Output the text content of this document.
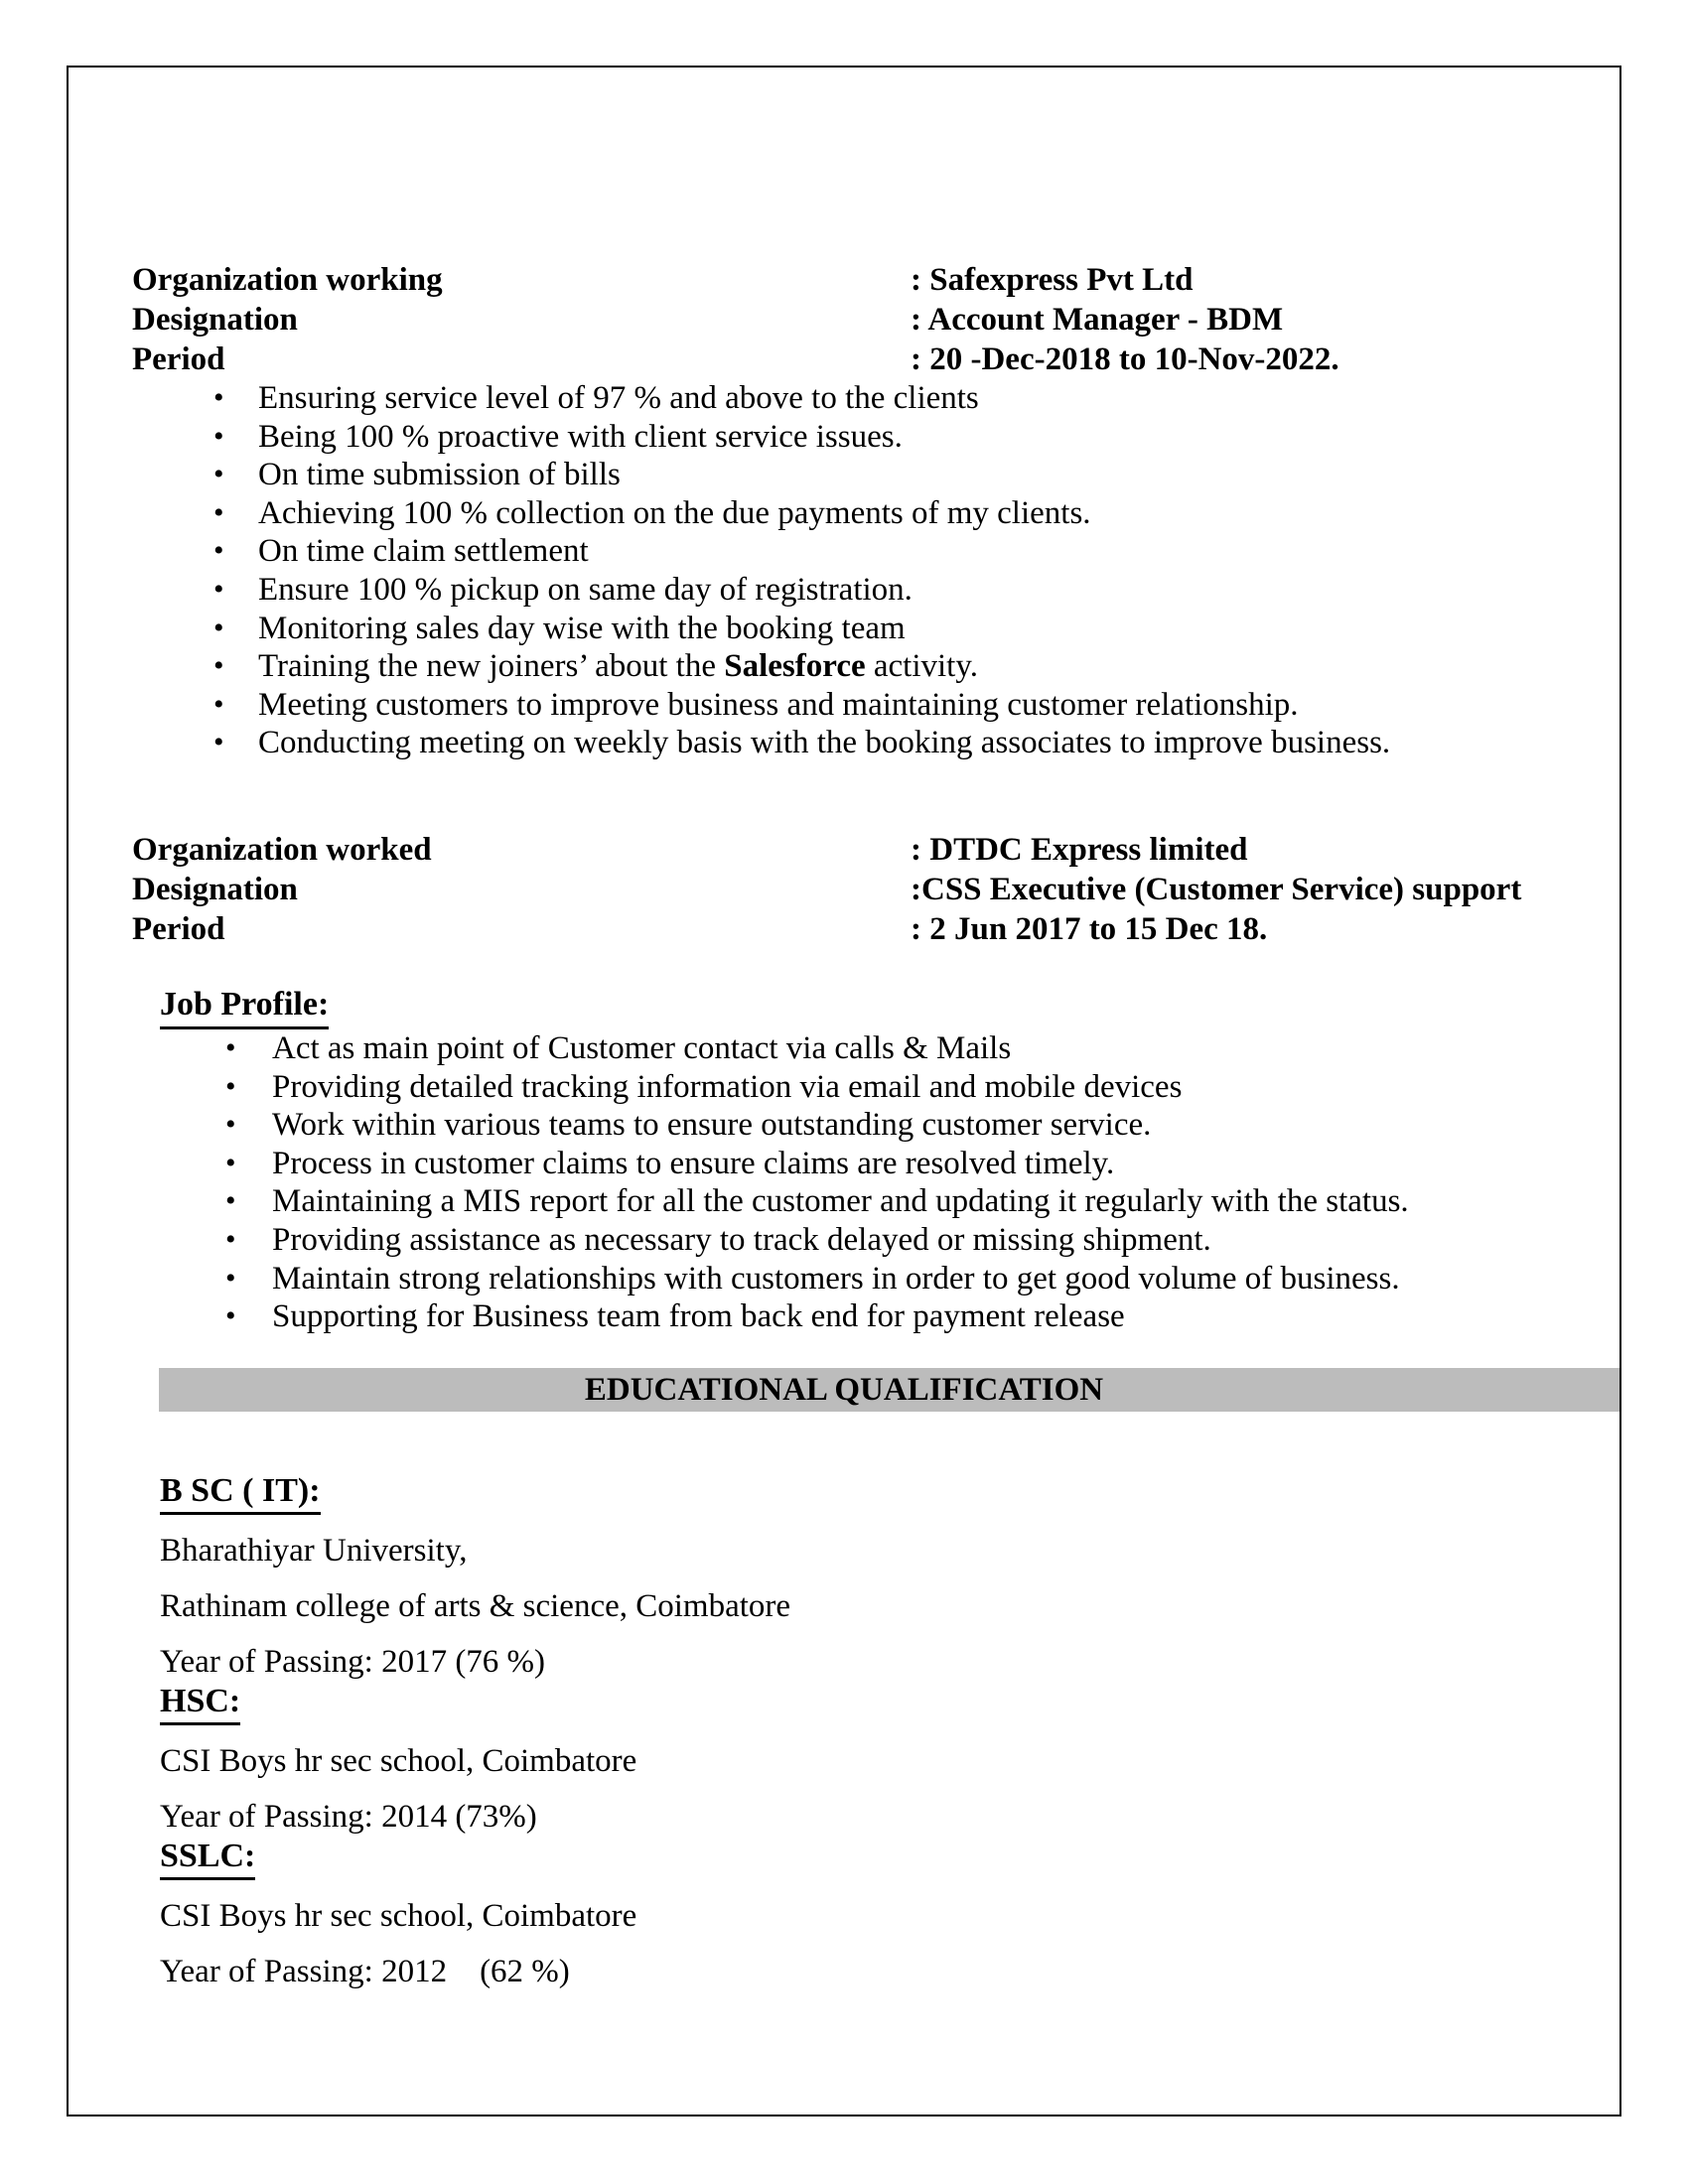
Organization working	: Safexpress Pvt Ltd
Designation	: Account Manager - BDM
Period	: 20 -Dec-2018 to 10-Nov-2022.
•	Ensuring service level of 97 % and above to the clients
•	Being 100 % proactive with client service issues.
•	On time submission of bills
•	Achieving 100 % collection on the due payments of my clients.
•	On time claim settlement
•	Ensure 100 % pickup on same day of registration.
•	Monitoring sales day wise with the booking team
•	Training the new joiners’ about the Salesforce activity.
•	Meeting customers to improve business and maintaining customer relationship.
•	Conducting meeting on weekly basis with the booking associates to improve business.
Organization worked	: DTDC Express limited
Designation	:CSS Executive (Customer Service) support
Period	: 2 Jun 2017 to 15 Dec 18.
Job Profile:
•	Act as main point of Customer contact via calls & Mails
•	Providing detailed tracking information via email and mobile devices
•	Work within various teams to ensure outstanding customer service.
•	Process in customer claims to ensure claims are resolved timely.
•	Maintaining a MIS report for all the customer and updating it regularly with the status.
•	Providing assistance as necessary to track delayed or missing shipment.
•	Maintain strong relationships with customers in order to get good volume of business.
•	Supporting for Business team from back end for payment release
EDUCATIONAL QUALIFICATION
B SC ( IT):
Bharathiyar University,
Rathinam college of arts & science, Coimbatore
Year of Passing: 2017 (76 %)
HSC:
CSI Boys hr sec school, Coimbatore
Year of Passing: 2014 (73%)
SSLC:
CSI Boys hr sec school, Coimbatore
Year of Passing: 2012    (62 %)
